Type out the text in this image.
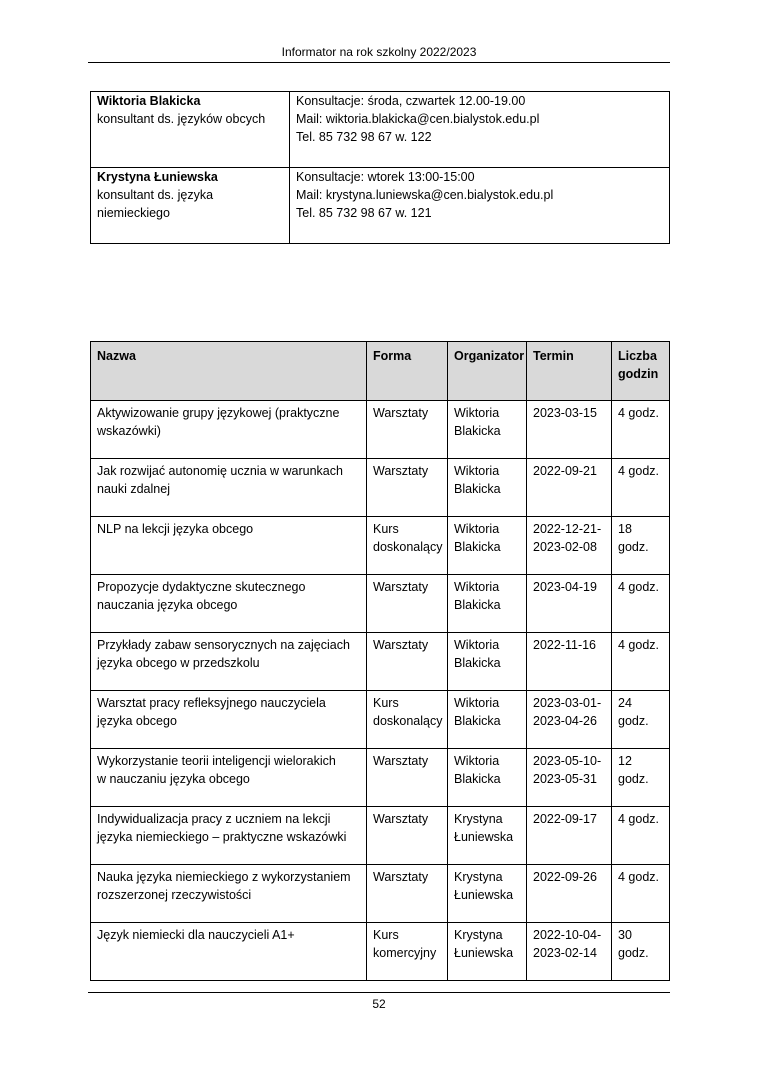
Informator na rok szkolny 2022/2023
Wiktoria Blakicka
konsultant ds. języków obcych	Konsultacje: środa, czwartek 12.00-19.00
Mail: wiktoria.blakicka@cen.bialystok.edu.pl
Tel. 85 732 98 67 w. 122

Krystyna Łuniewska
konsultant ds. języka
niemieckiego	Konsultacje: wtorek 13:00-15:00
Mail: krystyna.luniewska@cen.bialystok.edu.pl
Tel. 85 732 98 67 w. 121
Nazwa	Forma	Organizator	Termin	Liczba
godzin

Aktywizowanie grupy językowej (praktyczne
wskazówki)	Warsztaty	Wiktoria
Blakicka	2023-03-15	4 godz.

Jak rozwijać autonomię ucznia w warunkach
nauki zdalnej	Warsztaty	Wiktoria
Blakicka	2022-09-21	4 godz.

NLP na lekcji języka obcego	Kurs
doskonalący	Wiktoria
Blakicka	2022-12-21-
2023-02-08	18
godz.

Propozycje dydaktyczne skutecznego
nauczania języka obcego	Warsztaty	Wiktoria
Blakicka	2023-04-19	4 godz.

Przykłady zabaw sensorycznych na zajęciach
języka obcego w przedszkolu	Warsztaty	Wiktoria
Blakicka	2022-11-16	4 godz.

Warsztat pracy refleksyjnego nauczyciela
języka obcego	Kurs
doskonalący	Wiktoria
Blakicka	2023-03-01-
2023-04-26	24
godz.

Wykorzystanie teorii inteligencji wielorakich
w nauczaniu języka obcego	Warsztaty	Wiktoria
Blakicka	2023-05-10-
2023-05-31	12
godz.

Indywidualizacja pracy z uczniem na lekcji
języka niemieckiego – praktyczne wskazówki	Warsztaty	Krystyna
Łuniewska	2022-09-17	4 godz.

Nauka języka niemieckiego z wykorzystaniem
rozszerzonej rzeczywistości	Warsztaty	Krystyna
Łuniewska	2022-09-26	4 godz.

Język niemiecki dla nauczycieli A1+	Kurs
komercyjny	Krystyna
Łuniewska	2022-10-04-
2023-02-14	30
godz.
52
